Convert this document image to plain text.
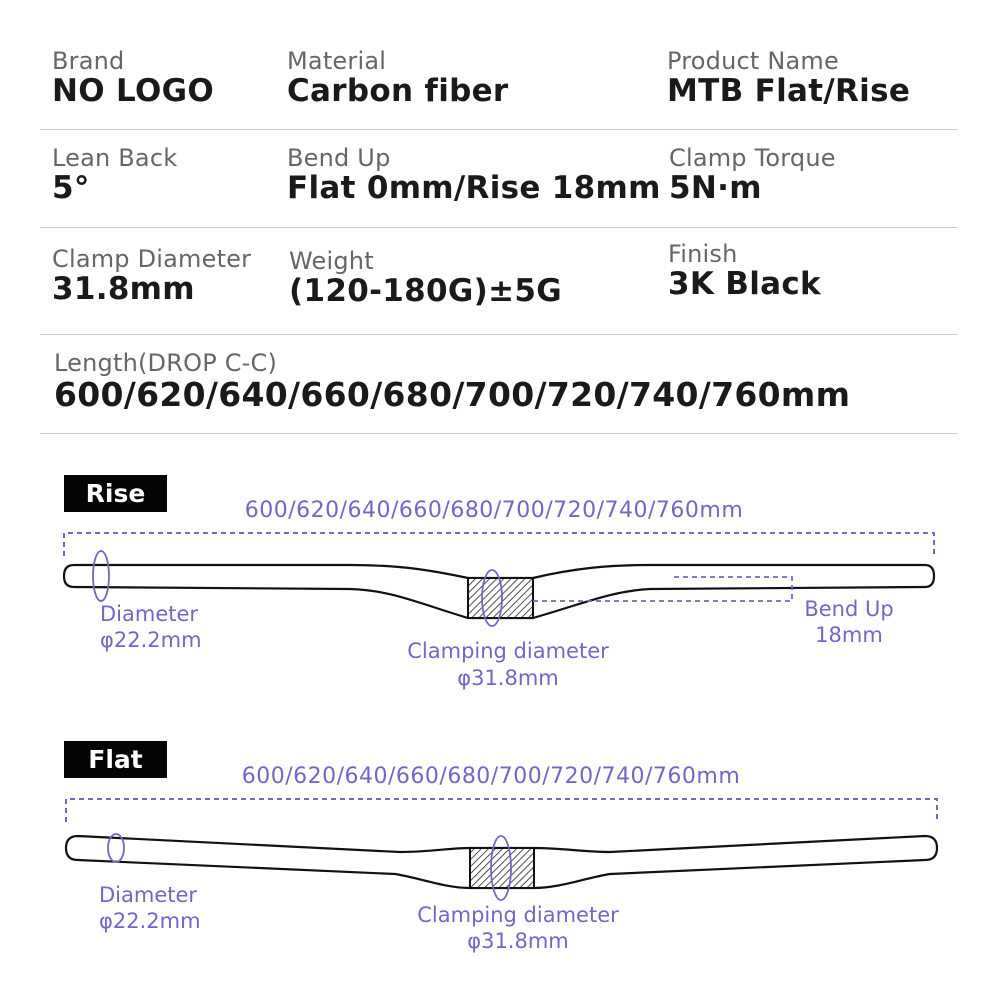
Brand
NO LOGO
Material
Carbon fiber
Product Name
MTB Flat/Rise
Lean Back
5°
Bend Up
Flat 0mm/Rise 18mm
Clamp Torque
5N·m
Clamp Diameter
31.8mm
Weight
(120-180G)±5G
Finish
3K Black
Length(DROP C-C)
600/620/640/660/680/700/720/740/760mm
Rise
Flat
600/620/640/660/680/700/720/740/760mm
Diameter
φ22.2mm	Clamping diameter
φ31.8mm
Bend Up
18mm
600/620/640/660/680/700/720/740/760mm
Diameter
φ22.2mm	Clamping diameter
φ31.8mm
